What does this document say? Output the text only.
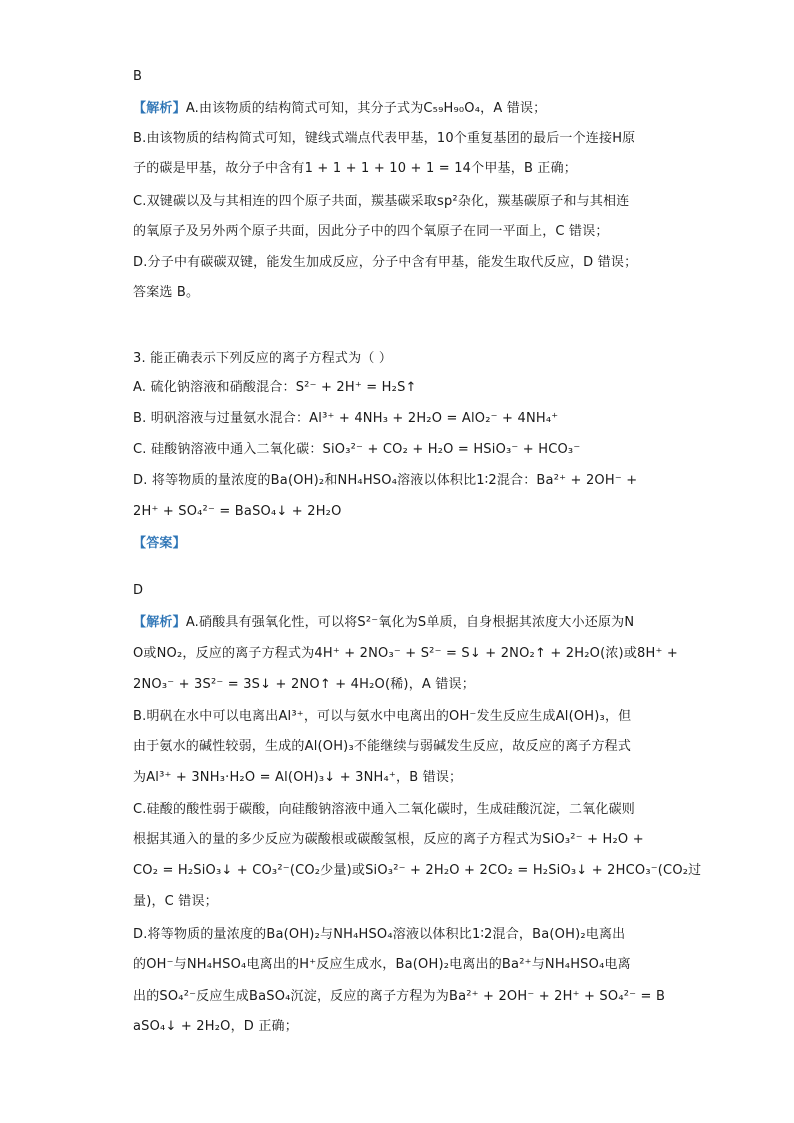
B
【解析】A.由该物质的结构简式可知，其分子式为C₅₉H₉₀O₄，A 错误；
B.由该物质的结构简式可知，键线式端点代表甲基，10个重复基团的最后一个连接H原
子的碳是甲基，故分子中含有1 + 1 + 1 + 10 + 1 = 14个甲基，B 正确；
C.双键碳以及与其相连的四个原子共面，羰基碳采取sp²杂化，羰基碳原子和与其相连
的氧原子及另外两个原子共面，因此分子中的四个氧原子在同一平面上，C 错误；
D.分子中有碳碳双键，能发生加成反应，分子中含有甲基，能发生取代反应，D 错误；
答案选 B。
3. 能正确表示下列反应的离子方程式为（ ）
A. 硫化钠溶液和硝酸混合：S²⁻ + 2H⁺ = H₂S↑
B. 明矾溶液与过量氨水混合：Al³⁺ + 4NH₃ + 2H₂O = AlO₂⁻ + 4NH₄⁺
C. 硅酸钠溶液中通入二氧化碳：SiO₃²⁻ + CO₂ + H₂O = HSiO₃⁻ + HCO₃⁻
D. 将等物质的量浓度的Ba(OH)₂和NH₄HSO₄溶液以体积比1∶2混合：Ba²⁺ + 2OH⁻ +
2H⁺ + SO₄²⁻ = BaSO₄↓ + 2H₂O
【答案】
D
【解析】A.硝酸具有强氧化性，可以将S²⁻氧化为S单质，自身根据其浓度大小还原为N
O或NO₂，反应的离子方程式为4H⁺ + 2NO₃⁻ + S²⁻ = S↓ + 2NO₂↑ + 2H₂O(浓)或8H⁺ +
2NO₃⁻ + 3S²⁻ = 3S↓ + 2NO↑ + 4H₂O(稀)，A 错误；
B.明矾在水中可以电离出Al³⁺，可以与氨水中电离出的OH⁻发生反应生成Al(OH)₃，但
由于氨水的碱性较弱，生成的Al(OH)₃不能继续与弱碱发生反应，故反应的离子方程式
为Al³⁺ + 3NH₃·H₂O = Al(OH)₃↓ + 3NH₄⁺，B 错误；
C.硅酸的酸性弱于碳酸，向硅酸钠溶液中通入二氧化碳时，生成硅酸沉淀，二氧化碳则
根据其通入的量的多少反应为碳酸根或碳酸氢根，反应的离子方程式为SiO₃²⁻ + H₂O +
CO₂ = H₂SiO₃↓ + CO₃²⁻(CO₂少量)或SiO₃²⁻ + 2H₂O + 2CO₂ = H₂SiO₃↓ + 2HCO₃⁻(CO₂过
量)，C 错误；
D.将等物质的量浓度的Ba(OH)₂与NH₄HSO₄溶液以体积比1∶2混合，Ba(OH)₂电离出
的OH⁻与NH₄HSO₄电离出的H⁺反应生成水，Ba(OH)₂电离出的Ba²⁺与NH₄HSO₄电离
出的SO₄²⁻反应生成BaSO₄沉淀，反应的离子方程为为Ba²⁺ + 2OH⁻ + 2H⁺ + SO₄²⁻ = B
aSO₄↓ + 2H₂O，D 正确；
